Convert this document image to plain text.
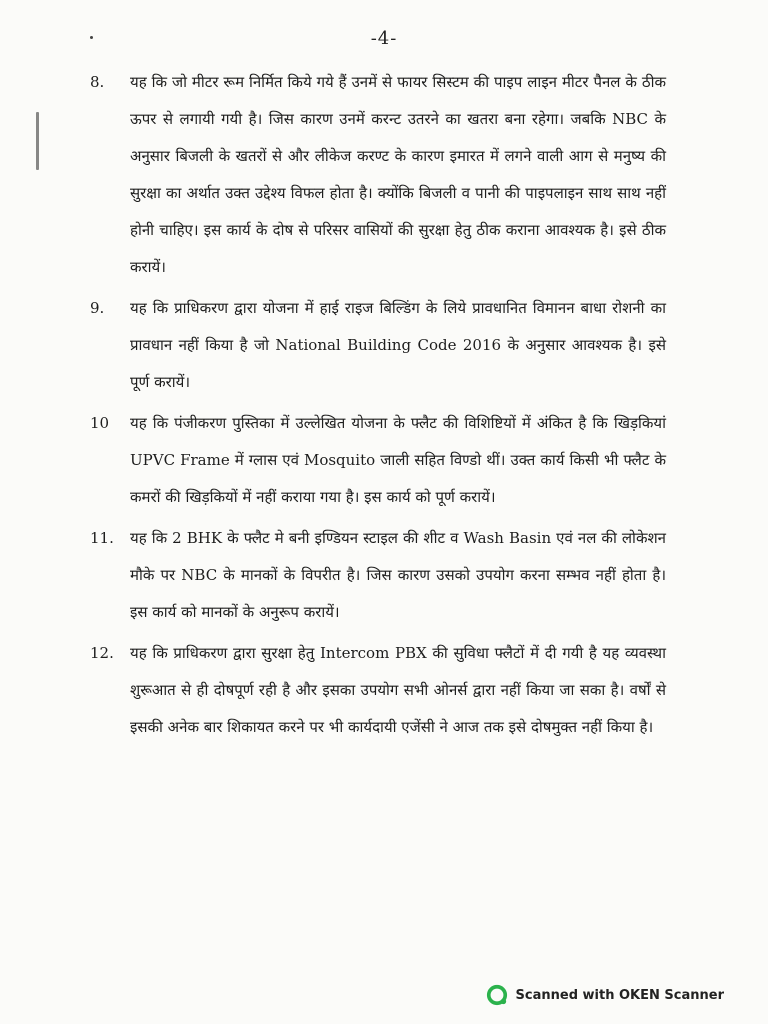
-4-
8.	यह कि जो मीटर रूम निर्मित किये गये हैं उनमें से फायर सिस्टम की पाइप लाइन मीटर पैनल के ठीक ऊपर से लगायी गयी है। जिस कारण उनमें करन्ट उतरने का खतरा बना रहेगा। जबकि NBC के अनुसार बिजली के खतरों से और लीकेज करण्ट के कारण इमारत में लगने वाली आग से मनुष्य की सुरक्षा का अर्थात उक्त उद्देश्य विफल होता है। क्योंकि बिजली व पानी की पाइपलाइन साथ साथ नहीं होनी चाहिए। इस कार्य के दोष से परिसर वासियों की सुरक्षा हेतु ठीक कराना आवश्यक है। इसे ठीक करायें।
9.	यह कि प्राधिकरण द्वारा योजना में हाई राइज बिल्डिंग के लिये प्रावधानित विमानन बाधा रोशनी का प्रावधान नहीं किया है जो National Building Code 2016 के अनुसार आवश्यक है। इसे पूर्ण करायें।
10	यह कि पंजीकरण पुस्तिका में उल्लेखित योजना के फ्लैट की विशिष्टियों में अंकित है कि खिड़कियां UPVC Frame में ग्लास एवं Mosquito जाली सहित विण्डो थीं। उक्त कार्य किसी भी फ्लैट के कमरों की खिड़कियों में नहीं कराया गया है। इस कार्य को पूर्ण करायें।
11.	यह कि 2 BHK के फ्लैट मे बनी इण्डियन स्टाइल की शीट व Wash Basin एवं नल की लोकेशन मौके पर NBC के मानकों के विपरीत है। जिस कारण उसको उपयोग करना सम्भव नहीं होता है। इस कार्य को मानकों के अनुरूप करायें।
12.	यह कि प्राधिकरण द्वारा सुरक्षा हेतु Intercom PBX की सुविधा फ्लैटों में दी गयी है यह व्यवस्था शुरूआत से ही दोषपूर्ण रही है और इसका उपयोग सभी ओनर्स द्वारा नहीं किया जा सका है। वर्षों से इसकी अनेक बार शिकायत करने पर भी कार्यदायी एजेंसी ने आज तक इसे दोषमुक्त नहीं किया है।
Scanned with OKEN Scanner
